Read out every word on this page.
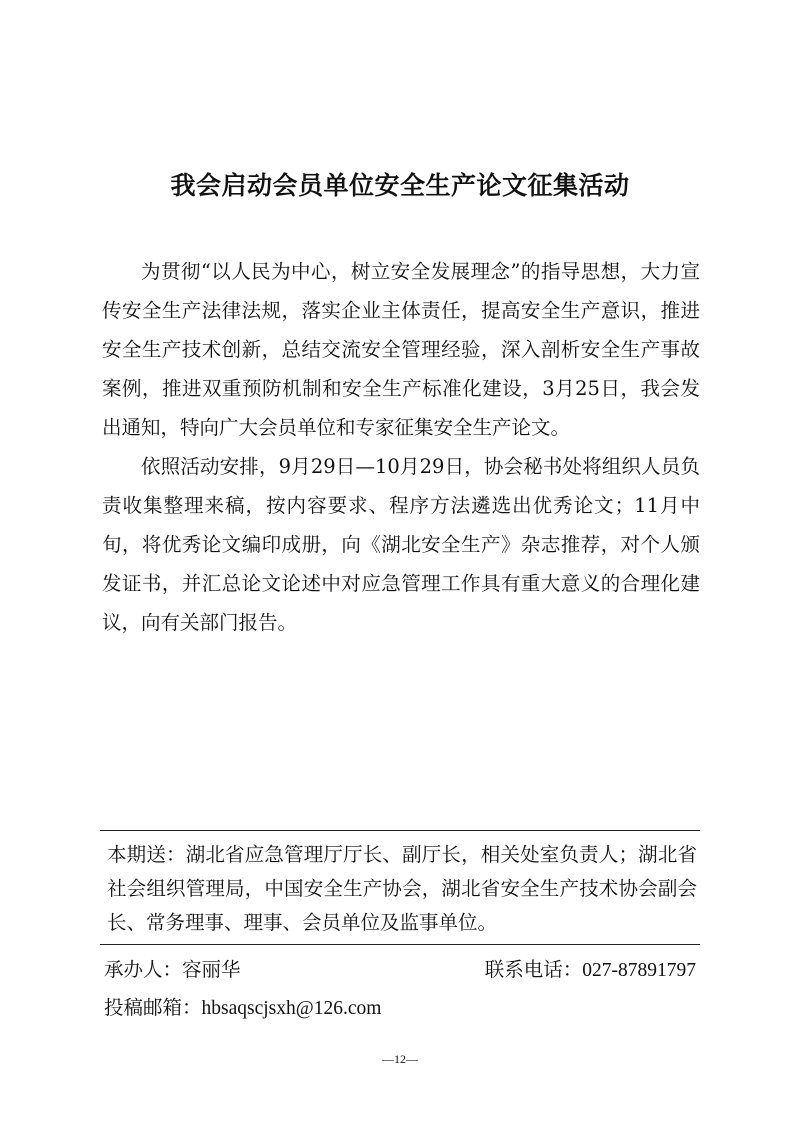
我会启动会员单位安全生产论文征集活动

为贯彻“以人民为中心，树立安全发展理念”的指导思想，大力宣传安全生产法律法规，落实企业主体责任，提高安全生产意识，推进安全生产技术创新，总结交流安全管理经验，深入剖析安全生产事故案例，推进双重预防机制和安全生产标准化建设，3月25日，我会发出通知，特向广大会员单位和专家征集安全生产论文。

依照活动安排，9月29日—10月29日，协会秘书处将组织人员负责收集整理来稿，按内容要求、程序方法遴选出优秀论文；11月中旬，将优秀论文编印成册，向《湖北安全生产》杂志推荐，对个人颁发证书，并汇总论文论述中对应急管理工作具有重大意义的合理化建议，向有关部门报告。

本期送：湖北省应急管理厅厅长、副厅长，相关处室负责人；湖北省社会组织管理局，中国安全生产协会，湖北省安全生产技术协会副会长、常务理事、理事、会员单位及监事单位。
承办人：容丽华	联系电话：027-87891797
投稿邮箱：hbsaqscjsxh@126.com
—12—
